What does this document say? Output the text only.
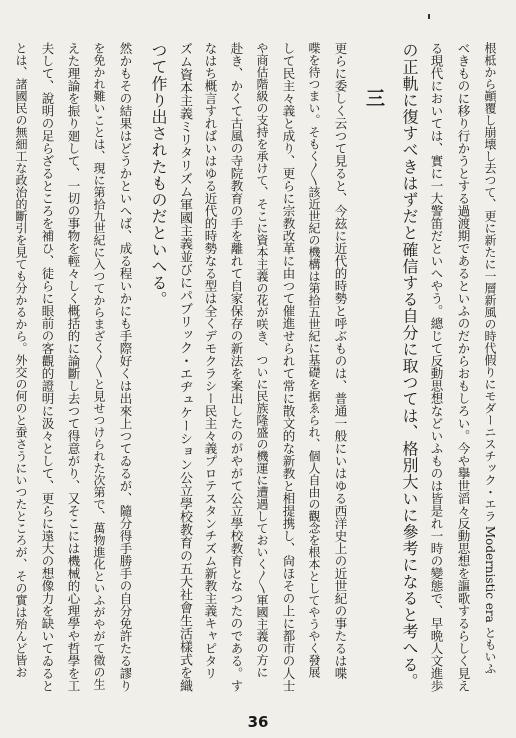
根柢から顚覆し崩壊し去つて、更に新たに一層新風の時代假りにモダーニスチック・エラ Modernistic era ともいふ
べきものに移り行かうとする過渡期であるといふのだからおもしろい。今や擧世滔々反動思想を謳歌するらしく見え
る現代においては、實に一大警笛だといへやう。總じて反動思想などいふものは皆是れ一時の變態で、早晩人文進歩
の正軌に復すべきはずだと確信する自分に取つては、格別大いに參考になると考へる。
三
更らに委しく云つて見ると、今玆に近代的時勢と呼ぶものは、普通一般にいはゆる西洋史上の近世紀の事たるは喋
喋を待つまい。そもく〳〵該近世紀の機構は第拾五世紀に基礎を据ゑられ、個人自由の觀念を根本としてやうやく發展
して民主々義と成り、更らに宗教改革に由つて催進せられて常に散文的な新教と相提携し、尙ほその上に都市の人士
や商估階級の支持を承けて、そこに資本主義の花が咲き、ついに民族隆盛の機運に遭遇しておいく〳〵軍國主義の方に
赴き、かくて古風の寺院教育の手を離れて自家保存の新法を案出したのがやがて公立學校教育となつたのである。す
なはち概言すればいはゆる近代的時勢なる型は全くデモクラシー民主々義プロテスタンチズム新教主義キャピタリ
ズム資本主義ミリタリズム軍國主義並びにパブリック・エヂュケーション公立學校教育の五大社會生活樣式を織
つて作り出されたものだといへる。
然かもその結果はどうかといへば、成る程いかにも手際好くは出來上つてゐるが、隨分得手勝手の自分免許たる謬り
を免かれ難いことは、現に第拾九世紀に入つてからまざく〳〵と見せつけられた次第で、萬物進化といふがやがて徵の生
えた理論を振り廻して、一切の事物を輕々しく概括的に論斷し去つて得意がり、又そこには機械的心理學や哲學を工
夫して、說明の足らざるところを補ひ、徒らに眼前の客觀的證明に汲々として、更らに遠大の想像力を缺いてゐると
とは、諸國民の無細工な政治的斷引を見ても分かるから。外交の何のと蚕さうにいつたところが、その實は殆んど皆お
36
